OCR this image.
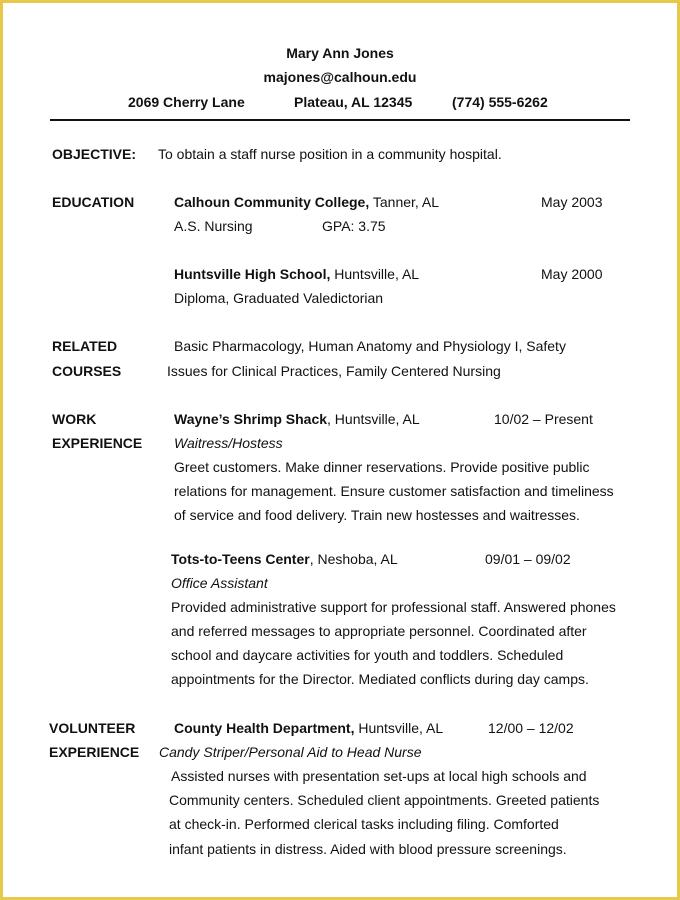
Mary Ann Jones
majones@calhoun.edu
2069 Cherry Lane	Plateau, AL 12345	(774) 555-6262
OBJECTIVE: To obtain a staff nurse position in a community hospital.
EDUCATION	Calhoun Community College, Tanner, AL	May 2003
A.S. Nursing	GPA: 3.75
Huntsville High School, Huntsville, AL	May 2000
Diploma, Graduated Valedictorian
RELATED
COURSES
Basic Pharmacology, Human Anatomy and Physiology I, Safety
Issues for Clinical Practices, Family Centered Nursing
WORK
EXPERIENCE
Wayne’s Shrimp Shack, Huntsville, AL	10/02 – Present
Waitress/Hostess
Greet customers. Make dinner reservations. Provide positive public
relations for management. Ensure customer satisfaction and timeliness
of service and food delivery. Train new hostesses and waitresses.
Tots-to-Teens Center, Neshoba, AL	09/01 – 09/02
Office Assistant
Provided administrative support for professional staff. Answered phones
and referred messages to appropriate personnel. Coordinated after
school and daycare activities for youth and toddlers. Scheduled
appointments for the Director. Mediated conflicts during day camps.
VOLUNTEER
EXPERIENCE
County Health Department, Huntsville, AL	12/00 – 12/02
Candy Striper/Personal Aid to Head Nurse
Assisted nurses with presentation set-ups at local high schools and
Community centers. Scheduled client appointments. Greeted patients
at check-in. Performed clerical tasks including filing. Comforted
infant patients in distress. Aided with blood pressure screenings.
